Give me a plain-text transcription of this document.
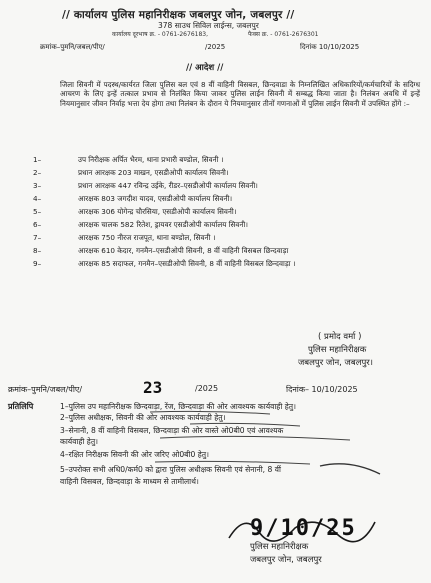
// कार्यालय पुलिस महानिरीक्षक जबलपुर जोन, जबलपुर //
378 साउथ सिविल लाईन्स, जबलपुर
कार्यालय दूरभाष क्र. - 0761-2676183,	फैक्स क्र. - 0761-2676301
क्रमांक–पुमनि/जबल/पीए/	/2025	दिनांक 10/10/2025
// आदेश //
जिला सिवनी में पदस्थ/कार्यरत जिला पुलिस बल एवं 8 वीं वाहिनी विसबल, छिन्दवाडा के निम्नलिखित अधिकारियों/कर्मचारियों के सदिग्ध आचरण के लिए इन्हें तत्काल प्रभाव से निलंबित किया जाकर पुलिस लाईन सिवनी में सम्बद्ध किया जाता है। निलंबन अवधि में इन्हें नियमानुसार जीवन निर्वाह भत्ता देय होगा तथा निलंबन के दौरान ये नियमानुसार तीनों गणनाओं में पुलिस लाईन सिवनी में उपस्थित होंगे :–
1–	उप निरीक्षक अर्पित भैरम, थाना प्रभारी बण्डोल, सिवनी ।
2–	प्रधान आरक्षक 203 माखन, एसडीओपी कार्यालय सिवनी।
3–	प्रधान आरक्षक 447 रविन्द्र उईके, रीडर–एसडीओपी कार्यालय सिवनी।
4–	आरक्षक 803 जगदीश यादव, एसडीओपी कार्यालय सिवनी।
5–	आरक्षक 306 योगेन्द्र चौरसिया, एसडीओपी कार्यालय सिवनी।
6–	आरक्षक चालक 582 रितेश, ड्रायवर एसडीओपी कार्यालय सिवनी।
7–	आरक्षक 750 नीरज राजपूत, थाना बण्डोल, सिवनी ।
8–	आरक्षक 610 केदार, गनमैन–एसडीओपी सिवनी, 8 वीं वाहिनी विसबल छिन्दवाड़ा
9–	आरक्षक 85 सदाफल, गनमैन–एसडीओपी सिवनी, 8 वीं वाहिनी विसबल छिन्दवाड़ा ।
( प्रमोद वर्मा )
पुलिस महानिरीक्षक
जबलपुर जोन, जबलपुर।
क्रमांक–पुमनि/जबल/पीए/	23	/2025	दिनांक– 10/10/2025
प्रतिलिपि	1–पुलिस उप महानिरीक्षक छिन्दवाड़ा, रेंज, छिन्दवाड़ा की ओर आवश्यक कार्यवाही हेतु।
2–पुलिस अधीक्षक, सिवनी की ओर आवश्यक कार्यवाही हेतु।
3–सेनानी, 8 वीं वाहिनी विसबल, छिन्दवाड़ा की ओर वास्ते ओ0बी0 एवं आवश्यक
कार्यवाही हेतु।
4–रक्षित निरीक्षक सिवनी की ओर जरिए ओ0बी0 हेतु।
5–उपरोक्त सभी अधि0/कर्म0 को द्वारा पुलिस अधीक्षक सिवनी एवं सेनानी, 8 वीं
वाहिनी विसबल, छिन्दवाड़ा के माध्यम से तामीलार्थ।
9/10/25
पुलिस महानिरीक्षक
जबलपुर जोन, जबलपुर
